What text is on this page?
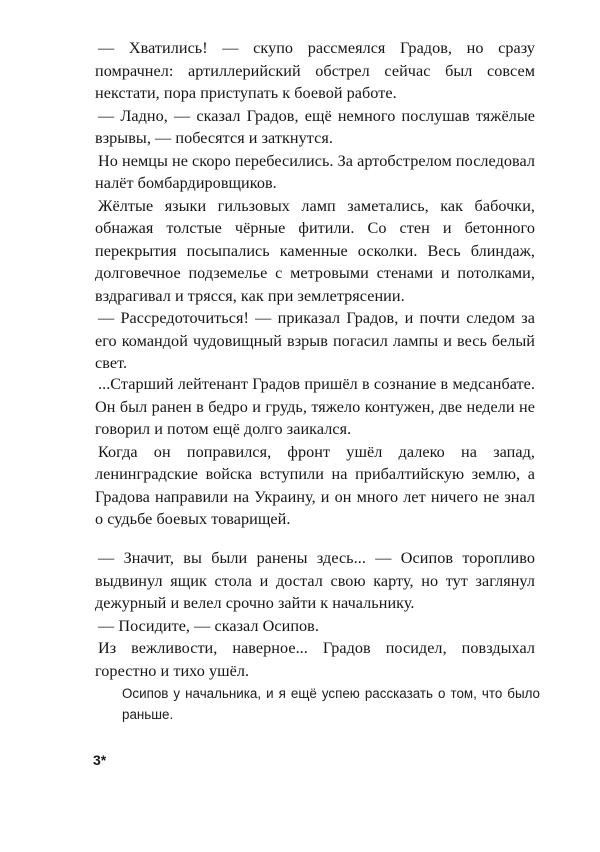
— Хватились! — скупо рассмеялся Градов, но сразу помрачнел: артиллерийский обстрел сейчас был совсем некстати, пора приступать к боевой работе.

— Ладно, — сказал Градов, ещё немного послушав тяжёлые взрывы, — побесятся и заткнутся.

Но немцы не скоро перебесились. За артобстрелом последовал налёт бомбардировщиков.

Жёлтые языки гильзовых ламп заметались, как бабочки, обнажая толстые чёрные фитили. Со стен и бетонного перекрытия посыпались каменные осколки. Весь блиндаж, долговечное подземелье с метровыми стенами и потолками, вздрагивал и трясся, как при землетрясении.

— Рассредоточиться! — приказал Градов, и почти следом за его командой чудовищный взрыв погасил лампы и весь белый свет.

...Старший лейтенант Градов пришёл в сознание в медсанбате. Он был ранен в бедро и грудь, тяжело контужен, две недели не говорил и потом ещё долго заикался.

Когда он поправился, фронт ушёл далеко на запад, ленинградские войска вступили на прибалтийскую землю, а Градова направили на Украину, и он много лет ничего не знал о судьбе боевых товарищей.

— Значит, вы были ранены здесь... — Осипов торопливо выдвинул ящик стола и достал свою карту, но тут заглянул дежурный и велел срочно зайти к начальнику.

— Посидите, — сказал Осипов.

Из вежливости, наверное... Градов посидел, повздыхал горестно и тихо ушёл.

Осипов у начальника, и я ещё успею рассказать о том, что было раньше.
3*
